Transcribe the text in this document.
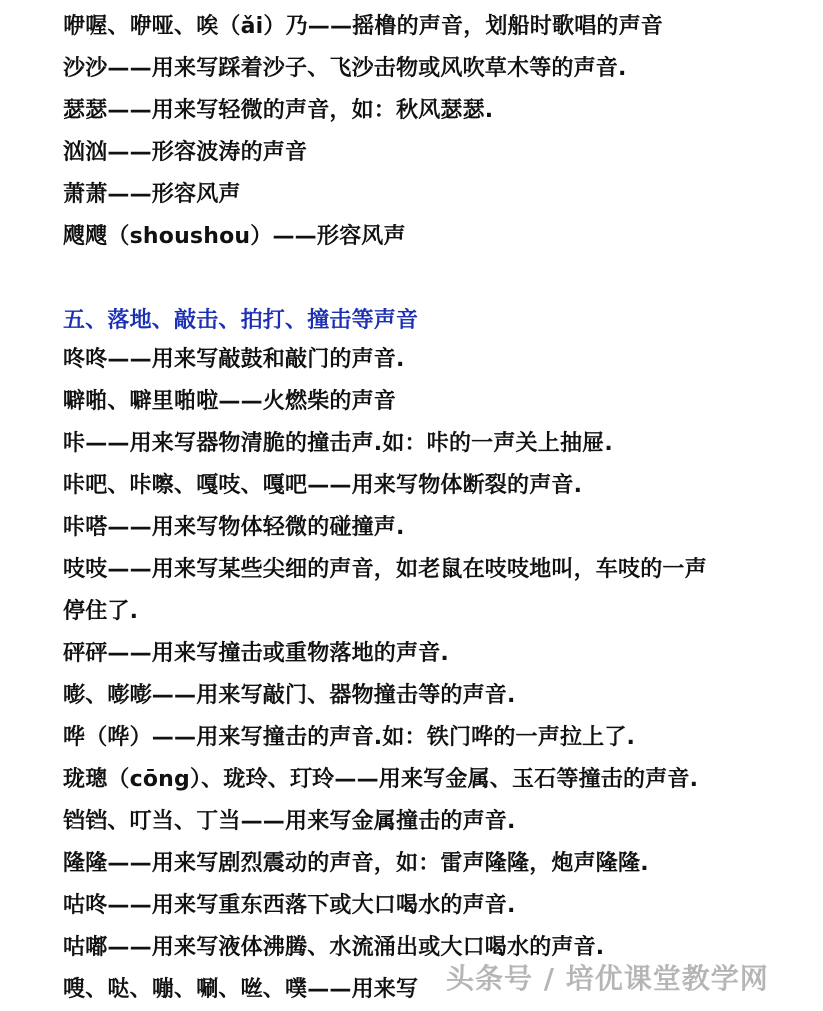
咿喔、咿哑、唉（ǎi）乃——摇橹的声音，划船时歌唱的声音
沙沙——用来写踩着沙子、飞沙击物或风吹草木等的声音.
瑟瑟——用来写轻微的声音，如：秋风瑟瑟.
汹汹——形容波涛的声音
萧萧——形容风声
飕飕（shoushou）——形容风声
五、落地、敲击、拍打、撞击等声音
咚咚——用来写敲鼓和敲门的声音.
噼啪、噼里啪啦——火燃柴的声音
咔——用来写器物清脆的撞击声.如：咔的一声关上抽屉.
咔吧、咔嚓、嘎吱、嘎吧——用来写物体断裂的声音.
咔嗒——用来写物体轻微的碰撞声.
吱吱——用来写某些尖细的声音，如老鼠在吱吱地叫，车吱的一声
停住了.
砰砰——用来写撞击或重物落地的声音.
嘭、嘭嘭——用来写敲门、器物撞击等的声音.
哗（哗）——用来写撞击的声音.如：铁门哗的一声拉上了.
珑璁（cōng）、珑玲、玎玲——用来写金属、玉石等撞击的声音.
铛铛、叮当、丁当——用来写金属撞击的声音.
隆隆——用来写剧烈震动的声音，如：雷声隆隆，炮声隆隆.
咕咚——用来写重东西落下或大口喝水的声音.
咕嘟——用来写液体沸腾、水流涌出或大口喝水的声音.
嗖、哒、嘣、唰、咝、噗——用来写 头条号 / 培优课堂教学网
